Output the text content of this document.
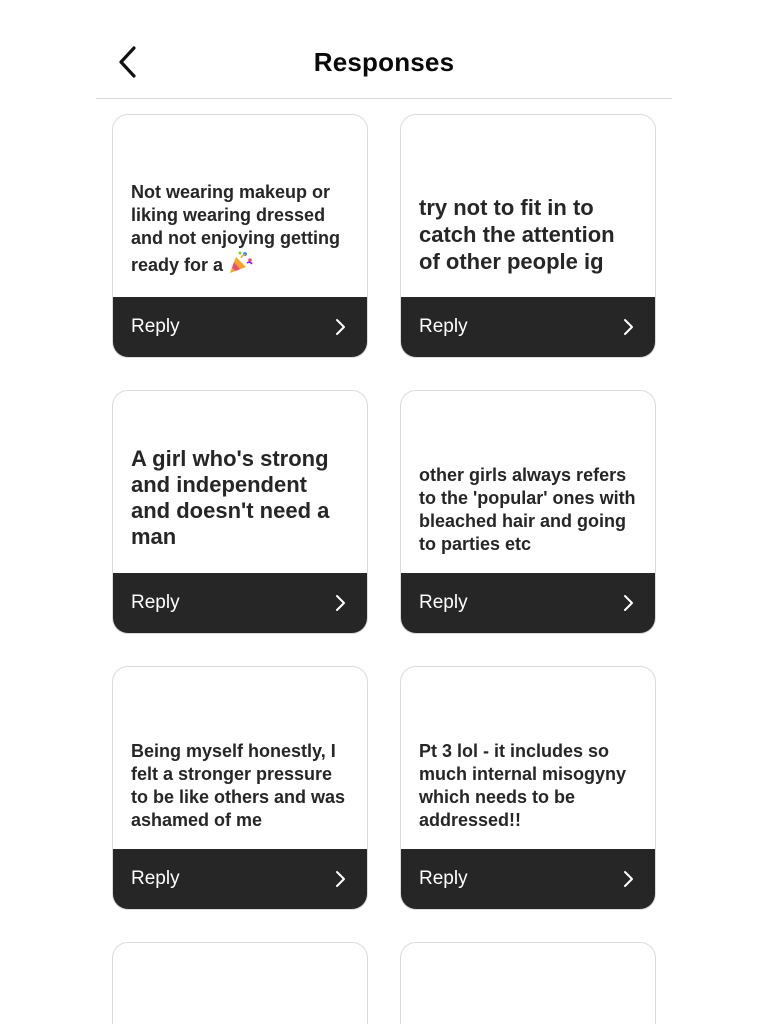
Responses
Not wearing makeup or liking wearing dressed and not enjoying getting ready for a
Reply
try not to fit in to catch the attention of other people ig
Reply
A girl who's strong and independent and doesn't need a man
Reply
other girls always refers to the 'popular' ones with bleached hair and going to parties etc
Reply
Being myself honestly, I felt a stronger pressure to be like others and was ashamed of me
Reply
Pt 3 lol - it includes so much internal misogyny which needs to be addressed!!
Reply
